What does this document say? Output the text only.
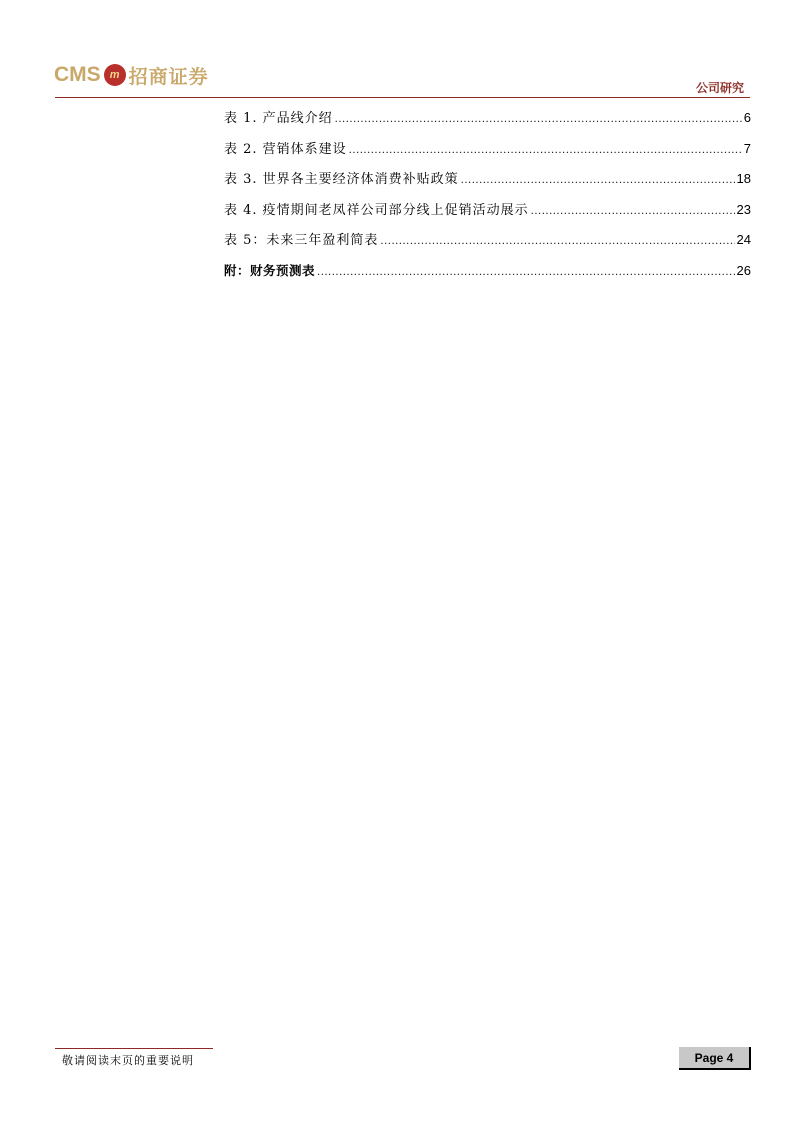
CMS m 招商证券
公司研究
表 1. 产品线介绍 .....	6
表 2. 营销体系建设 .....	7
表 3. 世界各主要经济体消费补贴政策 .....	18
表 4. 疫情期间老凤祥公司部分线上促销活动展示 .....	23
表 5：未来三年盈利简表 .....	24
附：财务预测表 .....	26
敬请阅读末页的重要说明	Page 4
